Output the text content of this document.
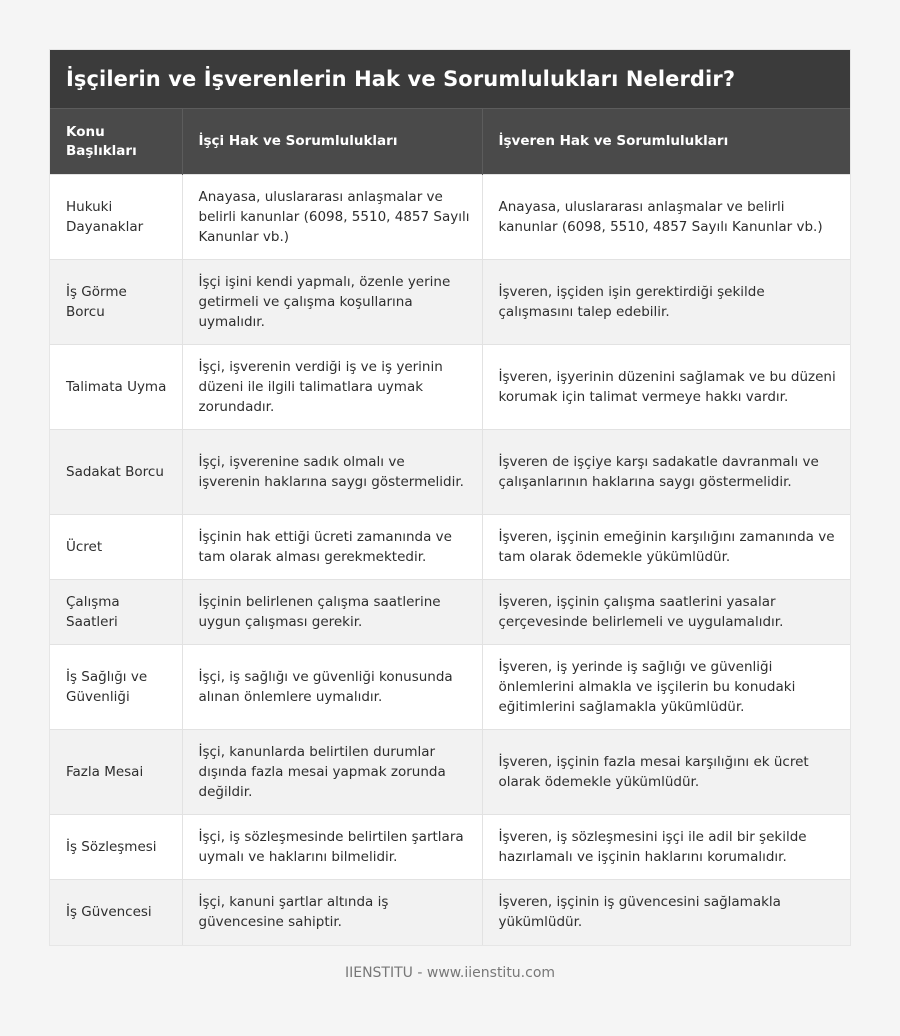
İşçilerin ve İşverenlerin Hak ve Sorumlulukları Nelerdir?
Konu Başlıkları	İşçi Hak ve Sorumlulukları	İşveren Hak ve Sorumlulukları
Hukuki Dayanaklar	Anayasa, uluslararası anlaşmalar ve belirli kanunlar (6098, 5510, 4857 Sayılı Kanunlar vb.)	Anayasa, uluslararası anlaşmalar ve belirli kanunlar (6098, 5510, 4857 Sayılı Kanunlar vb.)
İş Görme Borcu	İşçi işini kendi yapmalı, özenle yerine getirmeli ve çalışma koşullarına uymalıdır.	İşveren, işçiden işin gerektirdiği şekilde çalışmasını talep edebilir.
Talimata Uyma	İşçi, işverenin verdiği iş ve iş yerinin düzeni ile ilgili talimatlara uymak zorundadır.	İşveren, işyerinin düzenini sağlamak ve bu düzeni korumak için talimat vermeye hakkı vardır.
Sadakat Borcu	İşçi, işverenine sadık olmalı ve işverenin haklarına saygı göstermelidir.	İşveren de işçiye karşı sadakatle davranmalı ve çalışanlarının haklarına saygı göstermelidir.
Ücret	İşçinin hak ettiği ücreti zamanında ve tam olarak alması gerekmektedir.	İşveren, işçinin emeğinin karşılığını zamanında ve tam olarak ödemekle yükümlüdür.
Çalışma Saatleri	İşçinin belirlenen çalışma saatlerine uygun çalışması gerekir.	İşveren, işçinin çalışma saatlerini yasalar çerçevesinde belirlemeli ve uygulamalıdır.
İş Sağlığı ve Güvenliği	İşçi, iş sağlığı ve güvenliği konusunda alınan önlemlere uymalıdır.	İşveren, iş yerinde iş sağlığı ve güvenliği önlemlerini almakla ve işçilerin bu konudaki eğitimlerini sağlamakla yükümlüdür.
Fazla Mesai	İşçi, kanunlarda belirtilen durumlar dışında fazla mesai yapmak zorunda değildir.	İşveren, işçinin fazla mesai karşılığını ek ücret olarak ödemekle yükümlüdür.
İş Sözleşmesi	İşçi, iş sözleşmesinde belirtilen şartlara uymalı ve haklarını bilmelidir.	İşveren, iş sözleşmesini işçi ile adil bir şekilde hazırlamalı ve işçinin haklarını korumalıdır.
İş Güvencesi	İşçi, kanuni şartlar altında iş güvencesine sahiptir.	İşveren, işçinin iş güvencesini sağlamakla yükümlüdür.
IIENSTITU - www.iienstitu.com
